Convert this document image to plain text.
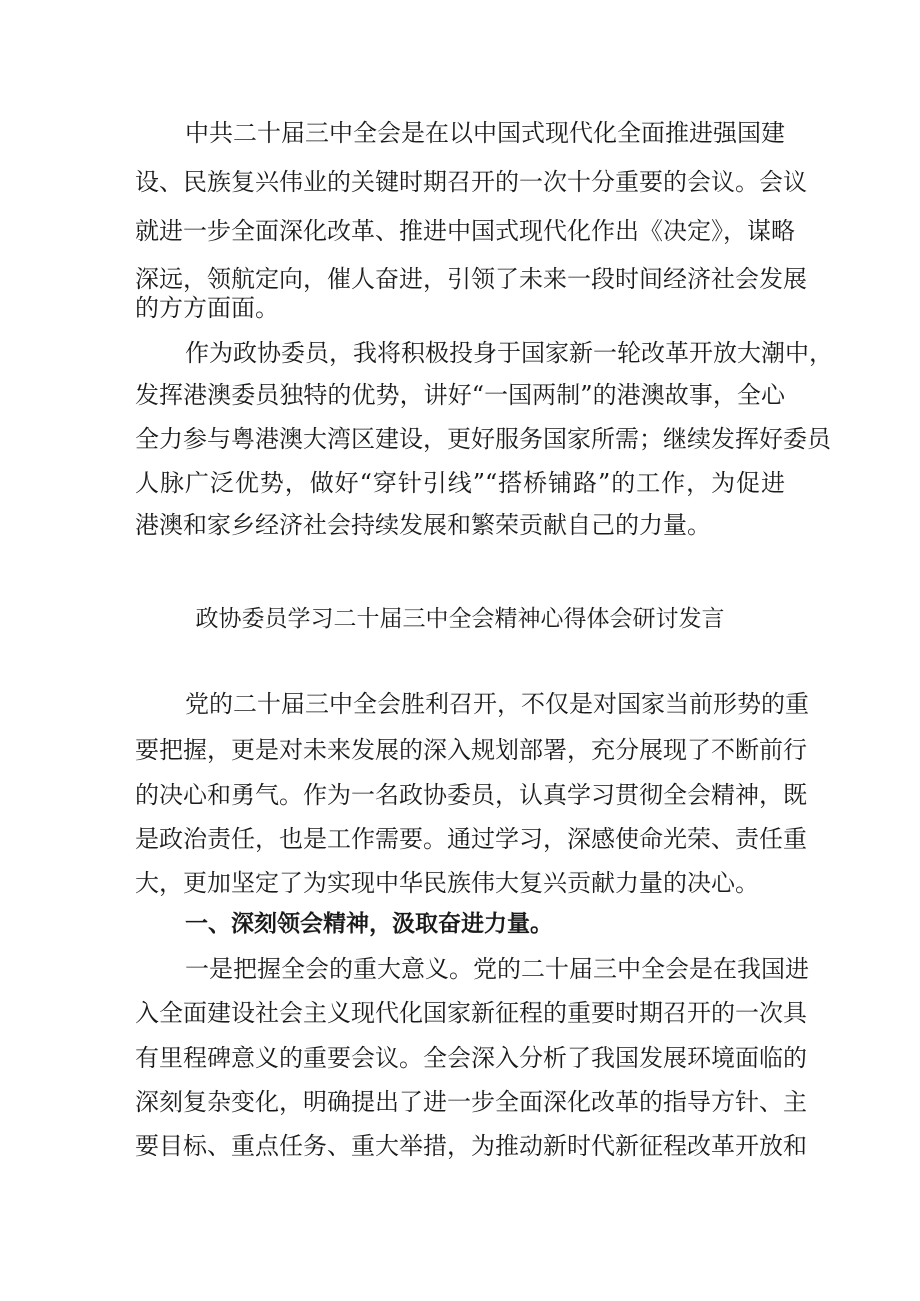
中共二十届三中全会是在以中国式现代化全面推进强国建
设、民族复兴伟业的关键时期召开的一次十分重要的会议。会议
就进一步全面深化改革、推进中国式现代化作出《决定》，谋略
深远，领航定向，催人奋进，引领了未来一段时间经济社会发展
的方方面面。
作为政协委员，我将积极投身于国家新一轮改革开放大潮中，
发挥港澳委员独特的优势，讲好“一国两制”的港澳故事，全心
全力参与粤港澳大湾区建设，更好服务国家所需；继续发挥好委员
人脉广泛优势，做好“穿针引线”“搭桥铺路”的工作，为促进
港澳和家乡经济社会持续发展和繁荣贡献自己的力量。
政协委员学习二十届三中全会精神心得体会研讨发言
党的二十届三中全会胜利召开，不仅是对国家当前形势的重
要把握，更是对未来发展的深入规划部署，充分展现了不断前行
的决心和勇气。作为一名政协委员，认真学习贯彻全会精神，既
是政治责任，也是工作需要。通过学习，深感使命光荣、责任重
大，更加坚定了为实现中华民族伟大复兴贡献力量的决心。
一、深刻领会精神，汲取奋进力量。
一是把握全会的重大意义。党的二十届三中全会是在我国进
入全面建设社会主义现代化国家新征程的重要时期召开的一次具
有里程碑意义的重要会议。全会深入分析了我国发展环境面临的
深刻复杂变化，明确提出了进一步全面深化改革的指导方针、主
要目标、重点任务、重大举措，为推动新时代新征程改革开放和
